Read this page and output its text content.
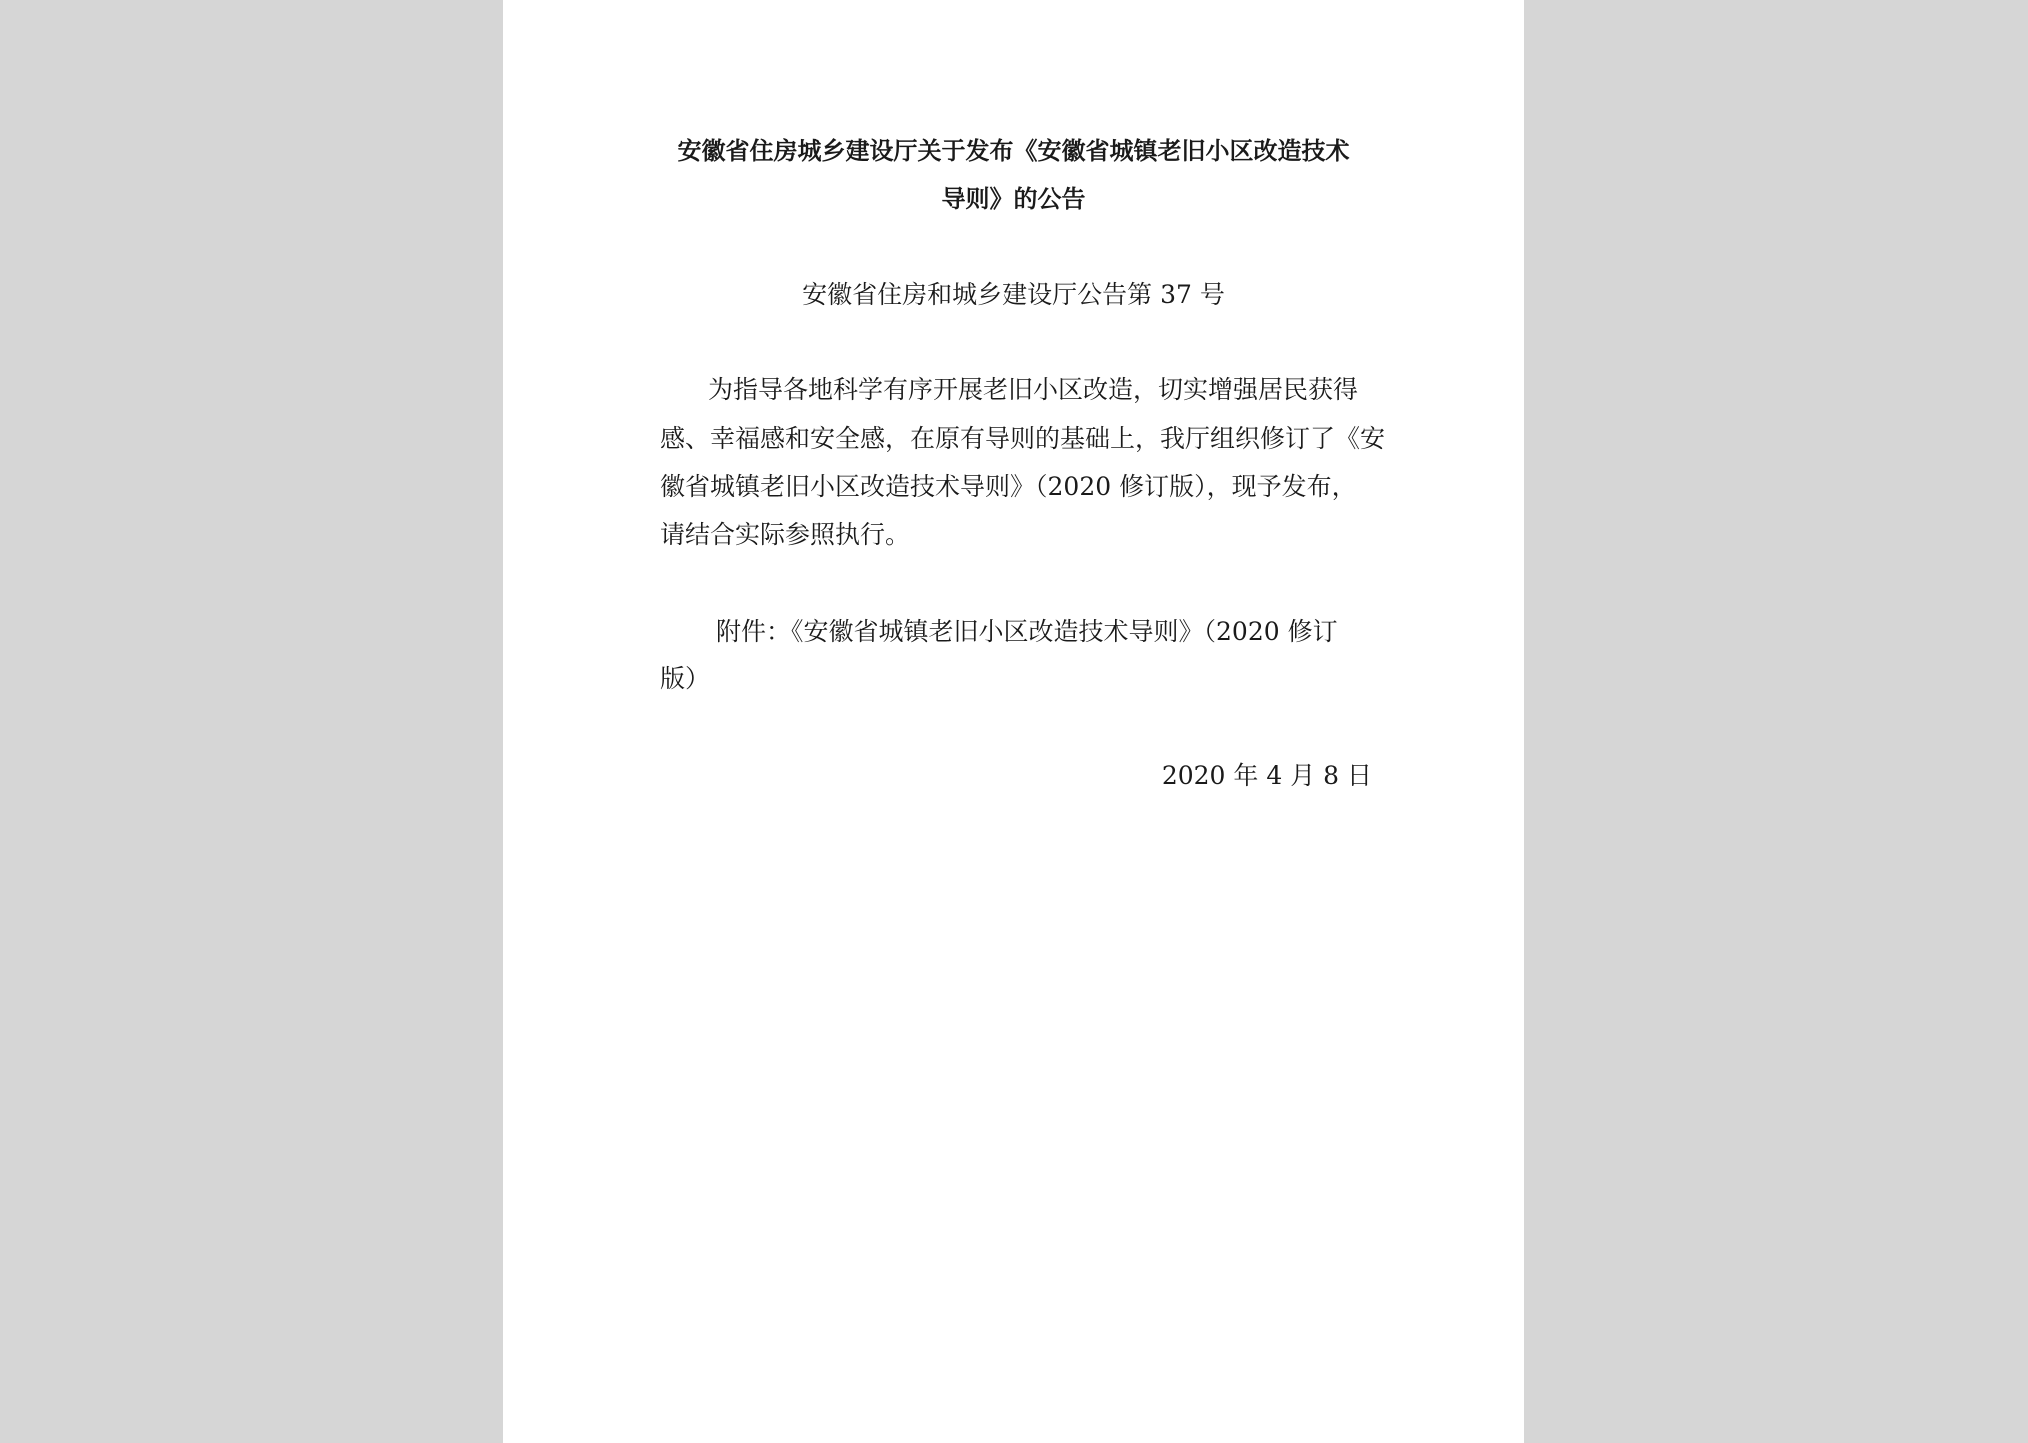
安徽省住房城乡建设厅关于发布《安徽省城镇老旧小区改造技术
导则》的公告
安徽省住房和城乡建设厅公告第 37 号
为指导各地科学有序开展老旧小区改造，切实增强居民获得
感、幸福感和安全感，在原有导则的基础上，我厅组织修订了《安
徽省城镇老旧小区改造技术导则》（2020 修订版），现予发布，
请结合实际参照执行。
附件：《安徽省城镇老旧小区改造技术导则》（2020 修订
版）
2020 年 4 月 8 日
